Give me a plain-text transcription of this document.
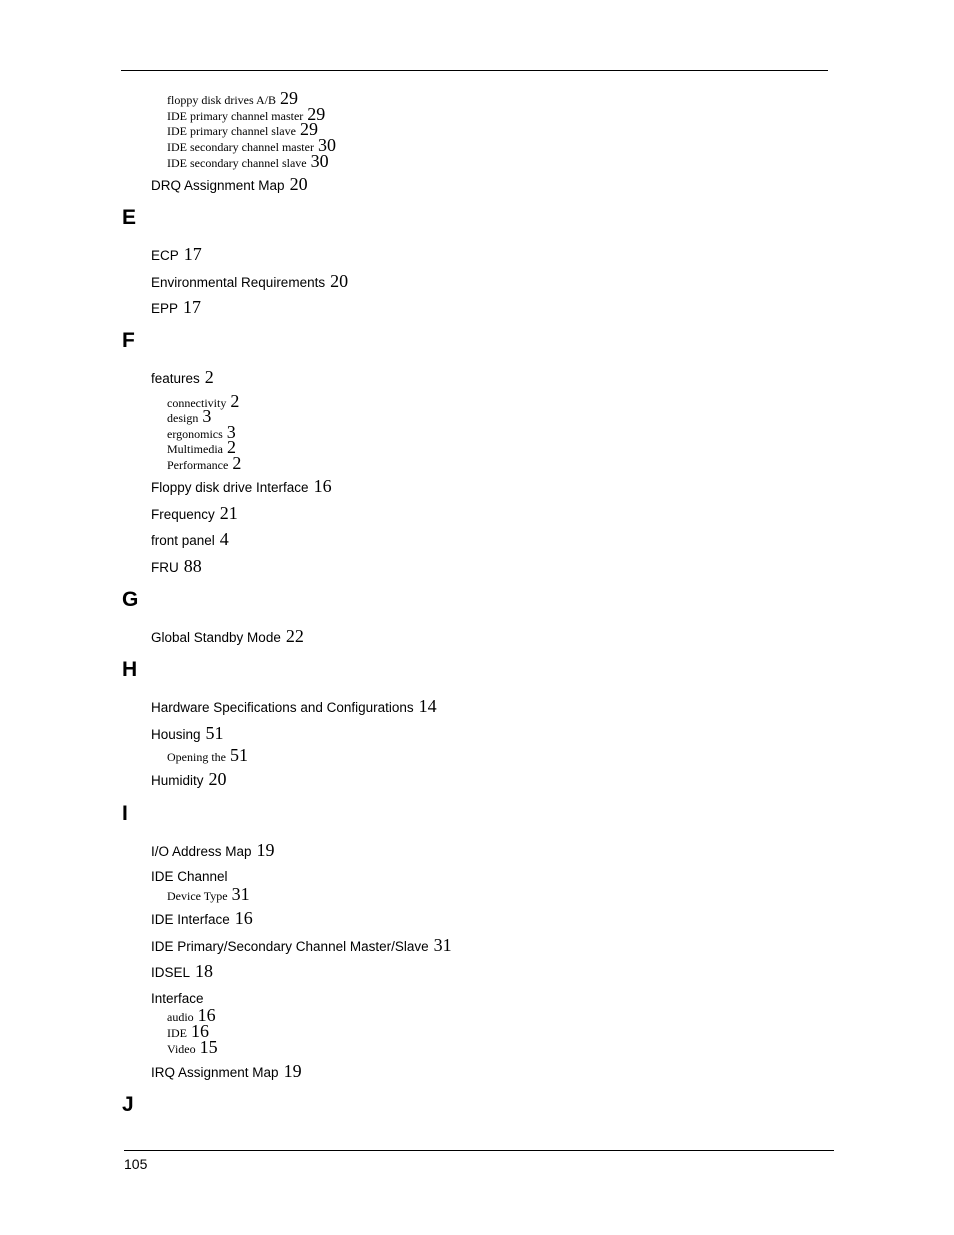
floppy disk drives A/B 29
IDE primary channel master 29
IDE primary channel slave 29
IDE secondary channel master 30
IDE secondary channel slave 30
DRQ Assignment Map 20
E
ECP 17
Environmental Requirements 20
EPP 17
F
features 2
connectivity 2
design 3
ergonomics 3
Multimedia 2
Performance 2
Floppy disk drive Interface 16
Frequency 21
front panel 4
FRU 88
G
Global Standby Mode 22
H
Hardware Specifications and Configurations 14
Housing 51
Opening the 51
Humidity 20
I
I/O Address Map 19
IDE Channel
Device Type 31
IDE Interface 16
IDE Primary/Secondary Channel Master/Slave 31
IDSEL 18
Interface
audio 16
IDE 16
Video 15
IRQ Assignment Map 19
J
105
